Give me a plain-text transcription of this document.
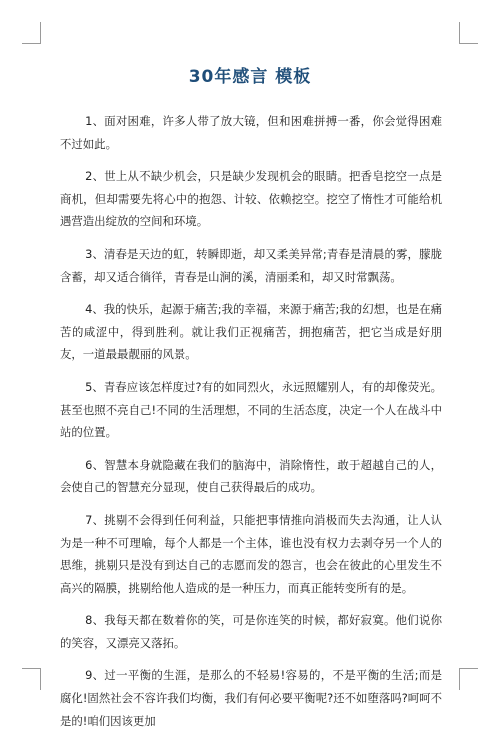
30年感言 模板

1、面对困难，许多人带了放大镜，但和困难拼搏一番，你会觉得困难不过如此。

2、世上从不缺少机会，只是缺少发现机会的眼睛。把香皂挖空一点是商机，但却需要先将心中的抱怨、计较、依赖挖空。挖空了惰性才可能给机遇营造出绽放的空间和环境。

3、清春是天边的虹，转瞬即逝，却又柔美异常;青春是清晨的雾，朦胧含蓄，却又适合徜徉，青春是山涧的溪，清丽柔和，却又时常飘荡。

4、我的快乐，起源于痛苦;我的幸福，来源于痛苦;我的幻想，也是在痛苦的咸涩中，得到胜利。就让我们正视痛苦，拥抱痛苦，把它当成是好朋友，一道最最靓丽的风景。

5、青春应该怎样度过?有的如同烈火，永远照耀别人，有的却像荧光。甚至也照不亮自己!不同的生活理想，不同的生活态度，决定一个人在战斗中站的位置。

6、智慧本身就隐藏在我们的脑海中，消除惰性，敢于超越自己的人，会使自己的智慧充分显现，使自己获得最后的成功。

7、挑剔不会得到任何利益，只能把事情推向消极而失去沟通，让人认为是一种不可理喻，每个人都是一个主体，谁也没有权力去剥夺另一个人的思维，挑剔只是没有到达自己的志愿而发的怨言，也会在彼此的心里发生不高兴的隔膜，挑剔给他人造成的是一种压力，而真正能转变所有的是。

8、我每天都在数着你的笑，可是你连笑的时候，都好寂寞。他们说你的笑容，又漂亮又落拓。

9、过一平衡的生涯，是那么的不轻易!容易的，不是平衡的生活;而是腐化!固然社会不容许我们均衡，我们有何必要平衡呢?还不如堕落吗?呵呵不是的!咱们因该更加
